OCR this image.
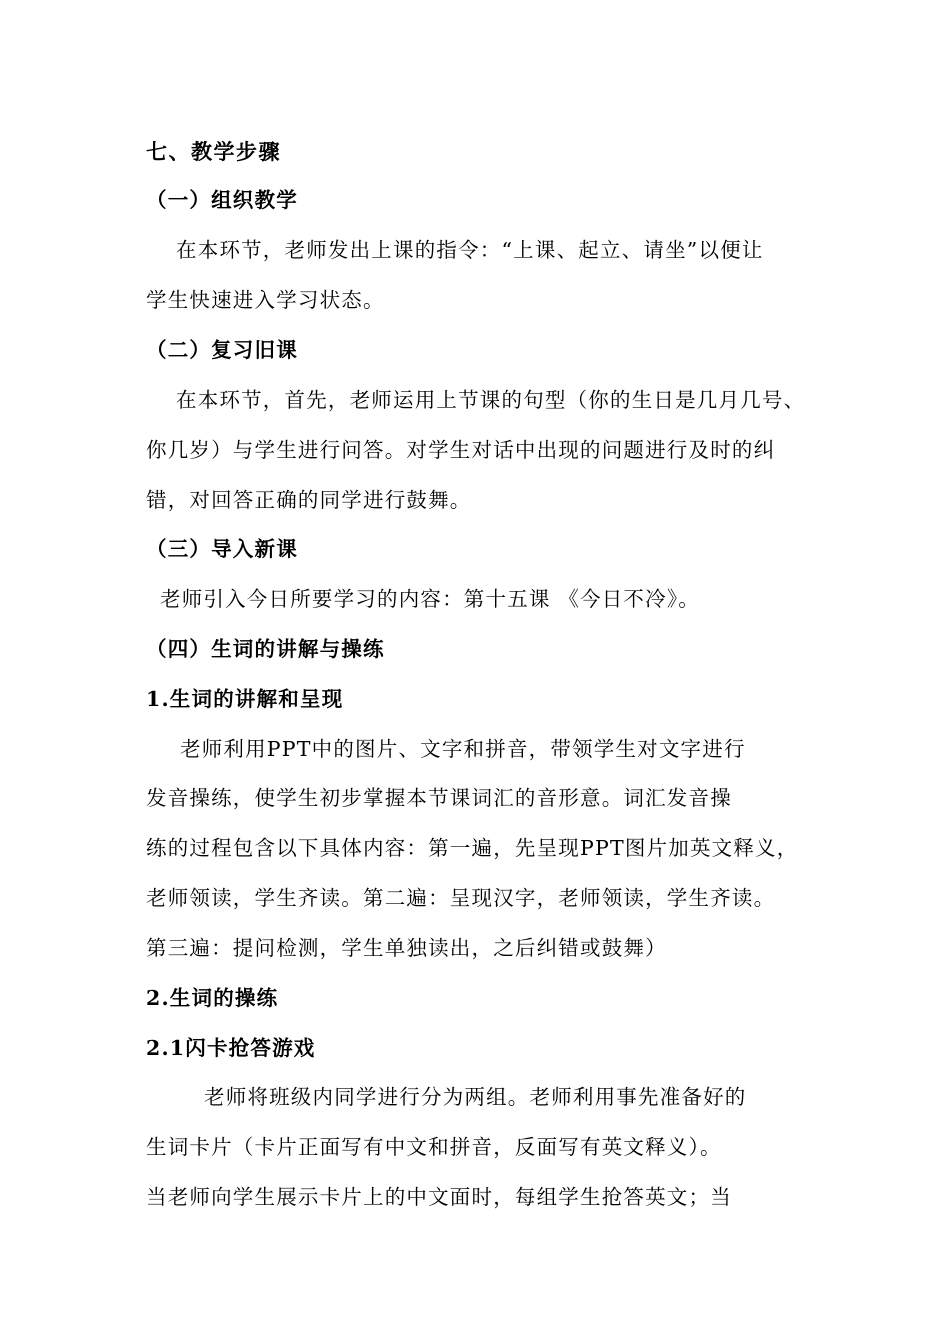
七、教学步骤
（一）组织教学
在本环节，老师发出上课的指令：“上课、起立、请坐”以便让
学生快速进入学习状态。
（二）复习旧课
在本环节，首先，老师运用上节课的句型（你的生日是几月几号、
你几岁）与学生进行问答。对学生对话中出现的问题进行及时的纠
错，对回答正确的同学进行鼓舞。
（三）导入新课
老师引入今日所要学习的内容：第十五课 《今日不冷》。
（四）生词的讲解与操练
1.生词的讲解和呈现
老师利用PPT中的图片、文字和拼音，带领学生对文字进行
发音操练，使学生初步掌握本节课词汇的音形意。词汇发音操
练的过程包含以下具体内容：第一遍，先呈现PPT图片加英文释义，
老师领读，学生齐读。第二遍：呈现汉字，老师领读，学生齐读。
第三遍：提问检测，学生单独读出，之后纠错或鼓舞）
2.生词的操练
2.1闪卡抢答游戏
老师将班级内同学进行分为两组。老师利用事先准备好的
生词卡片（卡片正面写有中文和拼音，反面写有英文释义）。
当老师向学生展示卡片上的中文面时，每组学生抢答英文；当
